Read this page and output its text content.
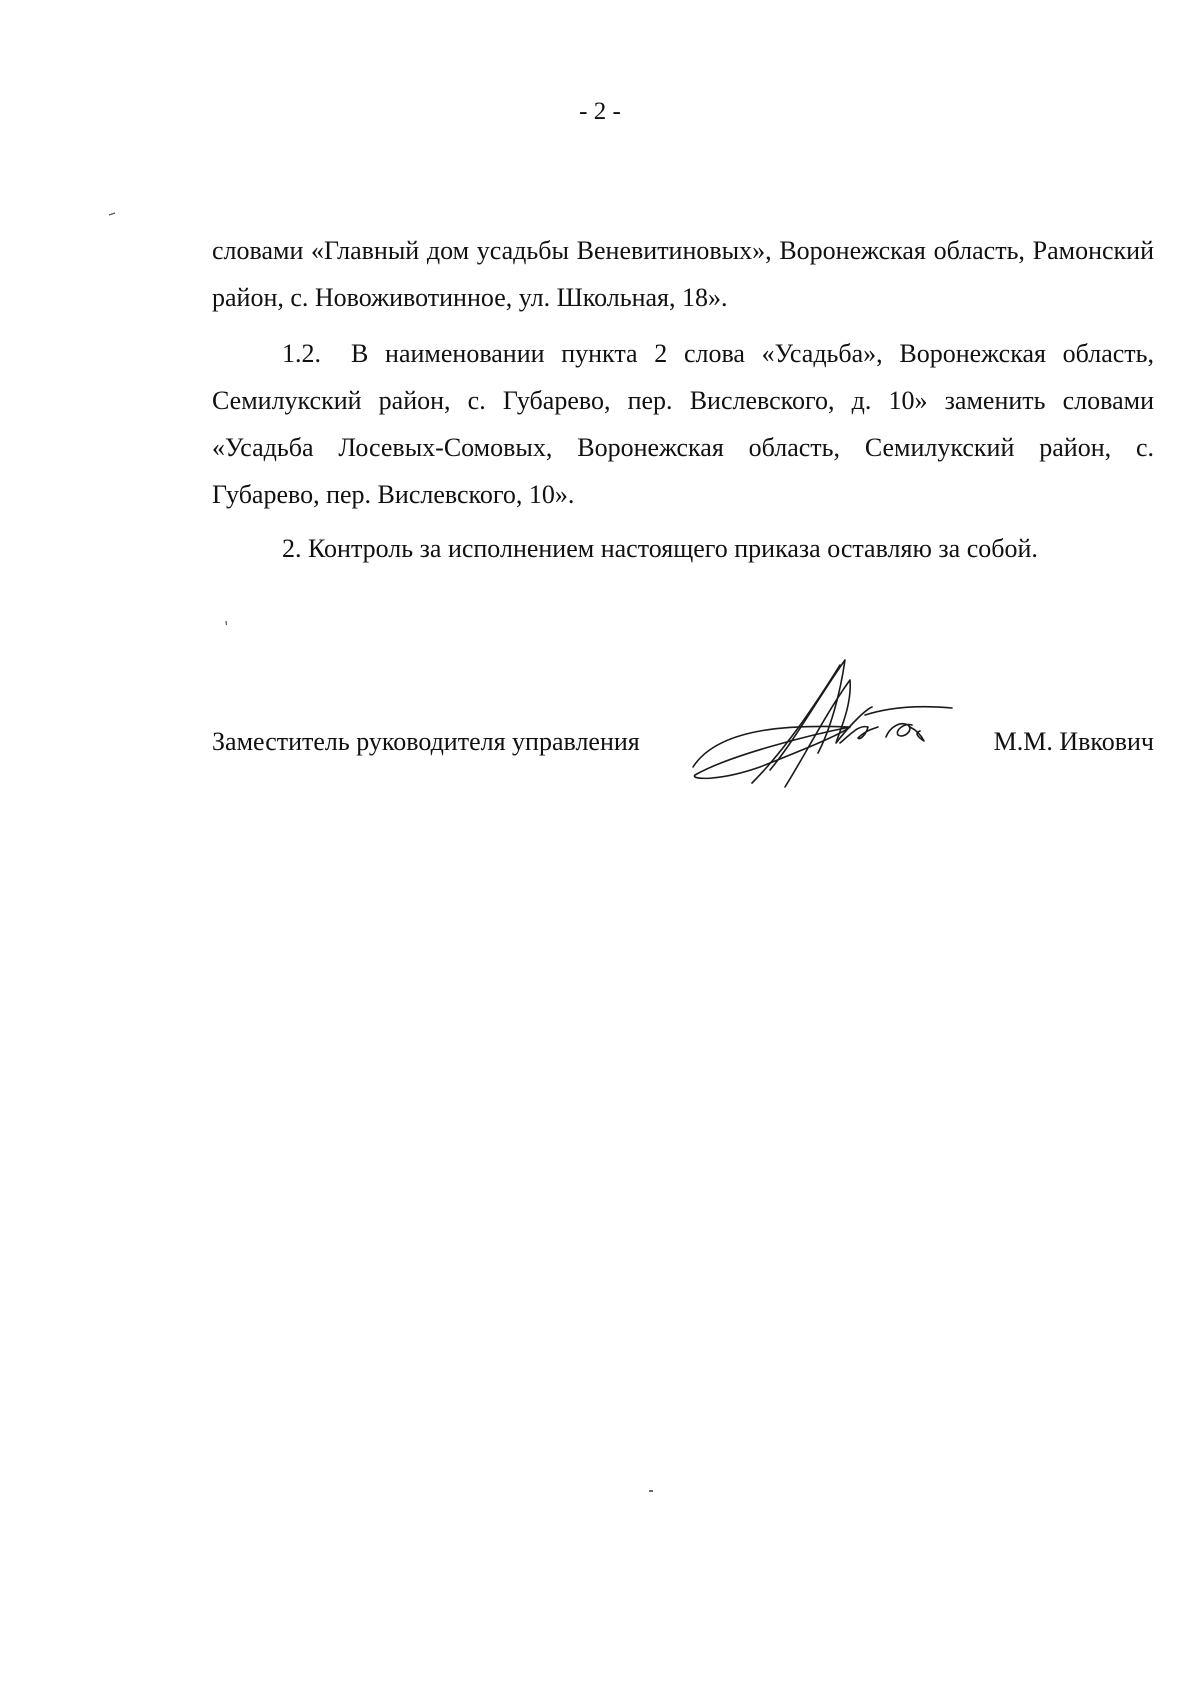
- 2 -

словами «Главный дом усадьбы Веневитиновых», Воронежская область, Рамонский район, с. Новоживотинное, ул. Школьная, 18».

1.2. В наименовании пункта 2 слова «Усадьба», Воронежская область, Семилукский район, с. Губарево, пер. Вислевского, д. 10» заменить словами «Усадьба Лосевых-Сомовых, Воронежская область, Семилукский район, с. Губарево, пер. Вислевского, 10».

2. Контроль за исполнением настоящего приказа оставляю за собой.

Заместитель руководителя управления	М.М. Ивкович
